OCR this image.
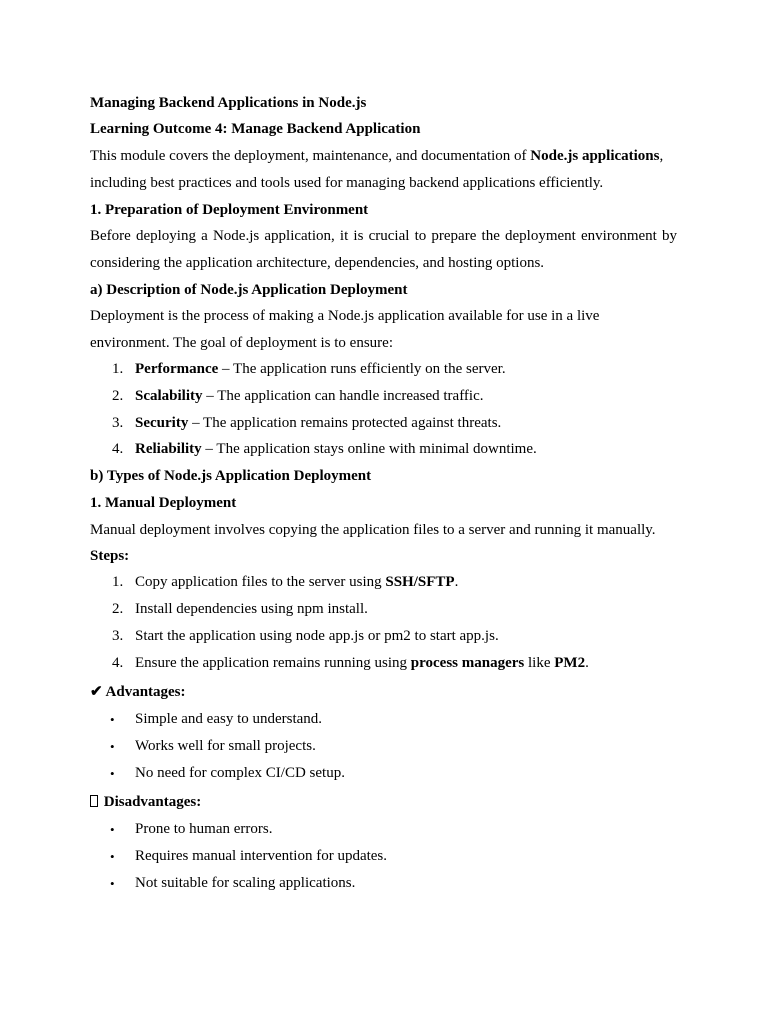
Managing Backend Applications in Node.js
Learning Outcome 4: Manage Backend Application
This module covers the deployment, maintenance, and documentation of Node.js applications,
including best practices and tools used for managing backend applications efficiently.
1. Preparation of Deployment Environment
Before deploying a Node.js application, it is crucial to prepare the deployment environment by
considering the application architecture, dependencies, and hosting options.
a) Description of Node.js Application Deployment
Deployment is the process of making a Node.js application available for use in a live
environment. The goal of deployment is to ensure:
1. Performance – The application runs efficiently on the server.
2. Scalability – The application can handle increased traffic.
3. Security – The application remains protected against threats.
4. Reliability – The application stays online with minimal downtime.
b) Types of Node.js Application Deployment
1. Manual Deployment
Manual deployment involves copying the application files to a server and running it manually.
Steps:
1. Copy application files to the server using SSH/SFTP.
2. Install dependencies using npm install.
3. Start the application using node app.js or pm2 to start app.js.
4. Ensure the application remains running using process managers like PM2.
✔ Advantages:
• Simple and easy to understand.
• Works well for small projects.
• No need for complex CI/CD setup.
Disadvantages:
• Prone to human errors.
• Requires manual intervention for updates.
• Not suitable for scaling applications.
